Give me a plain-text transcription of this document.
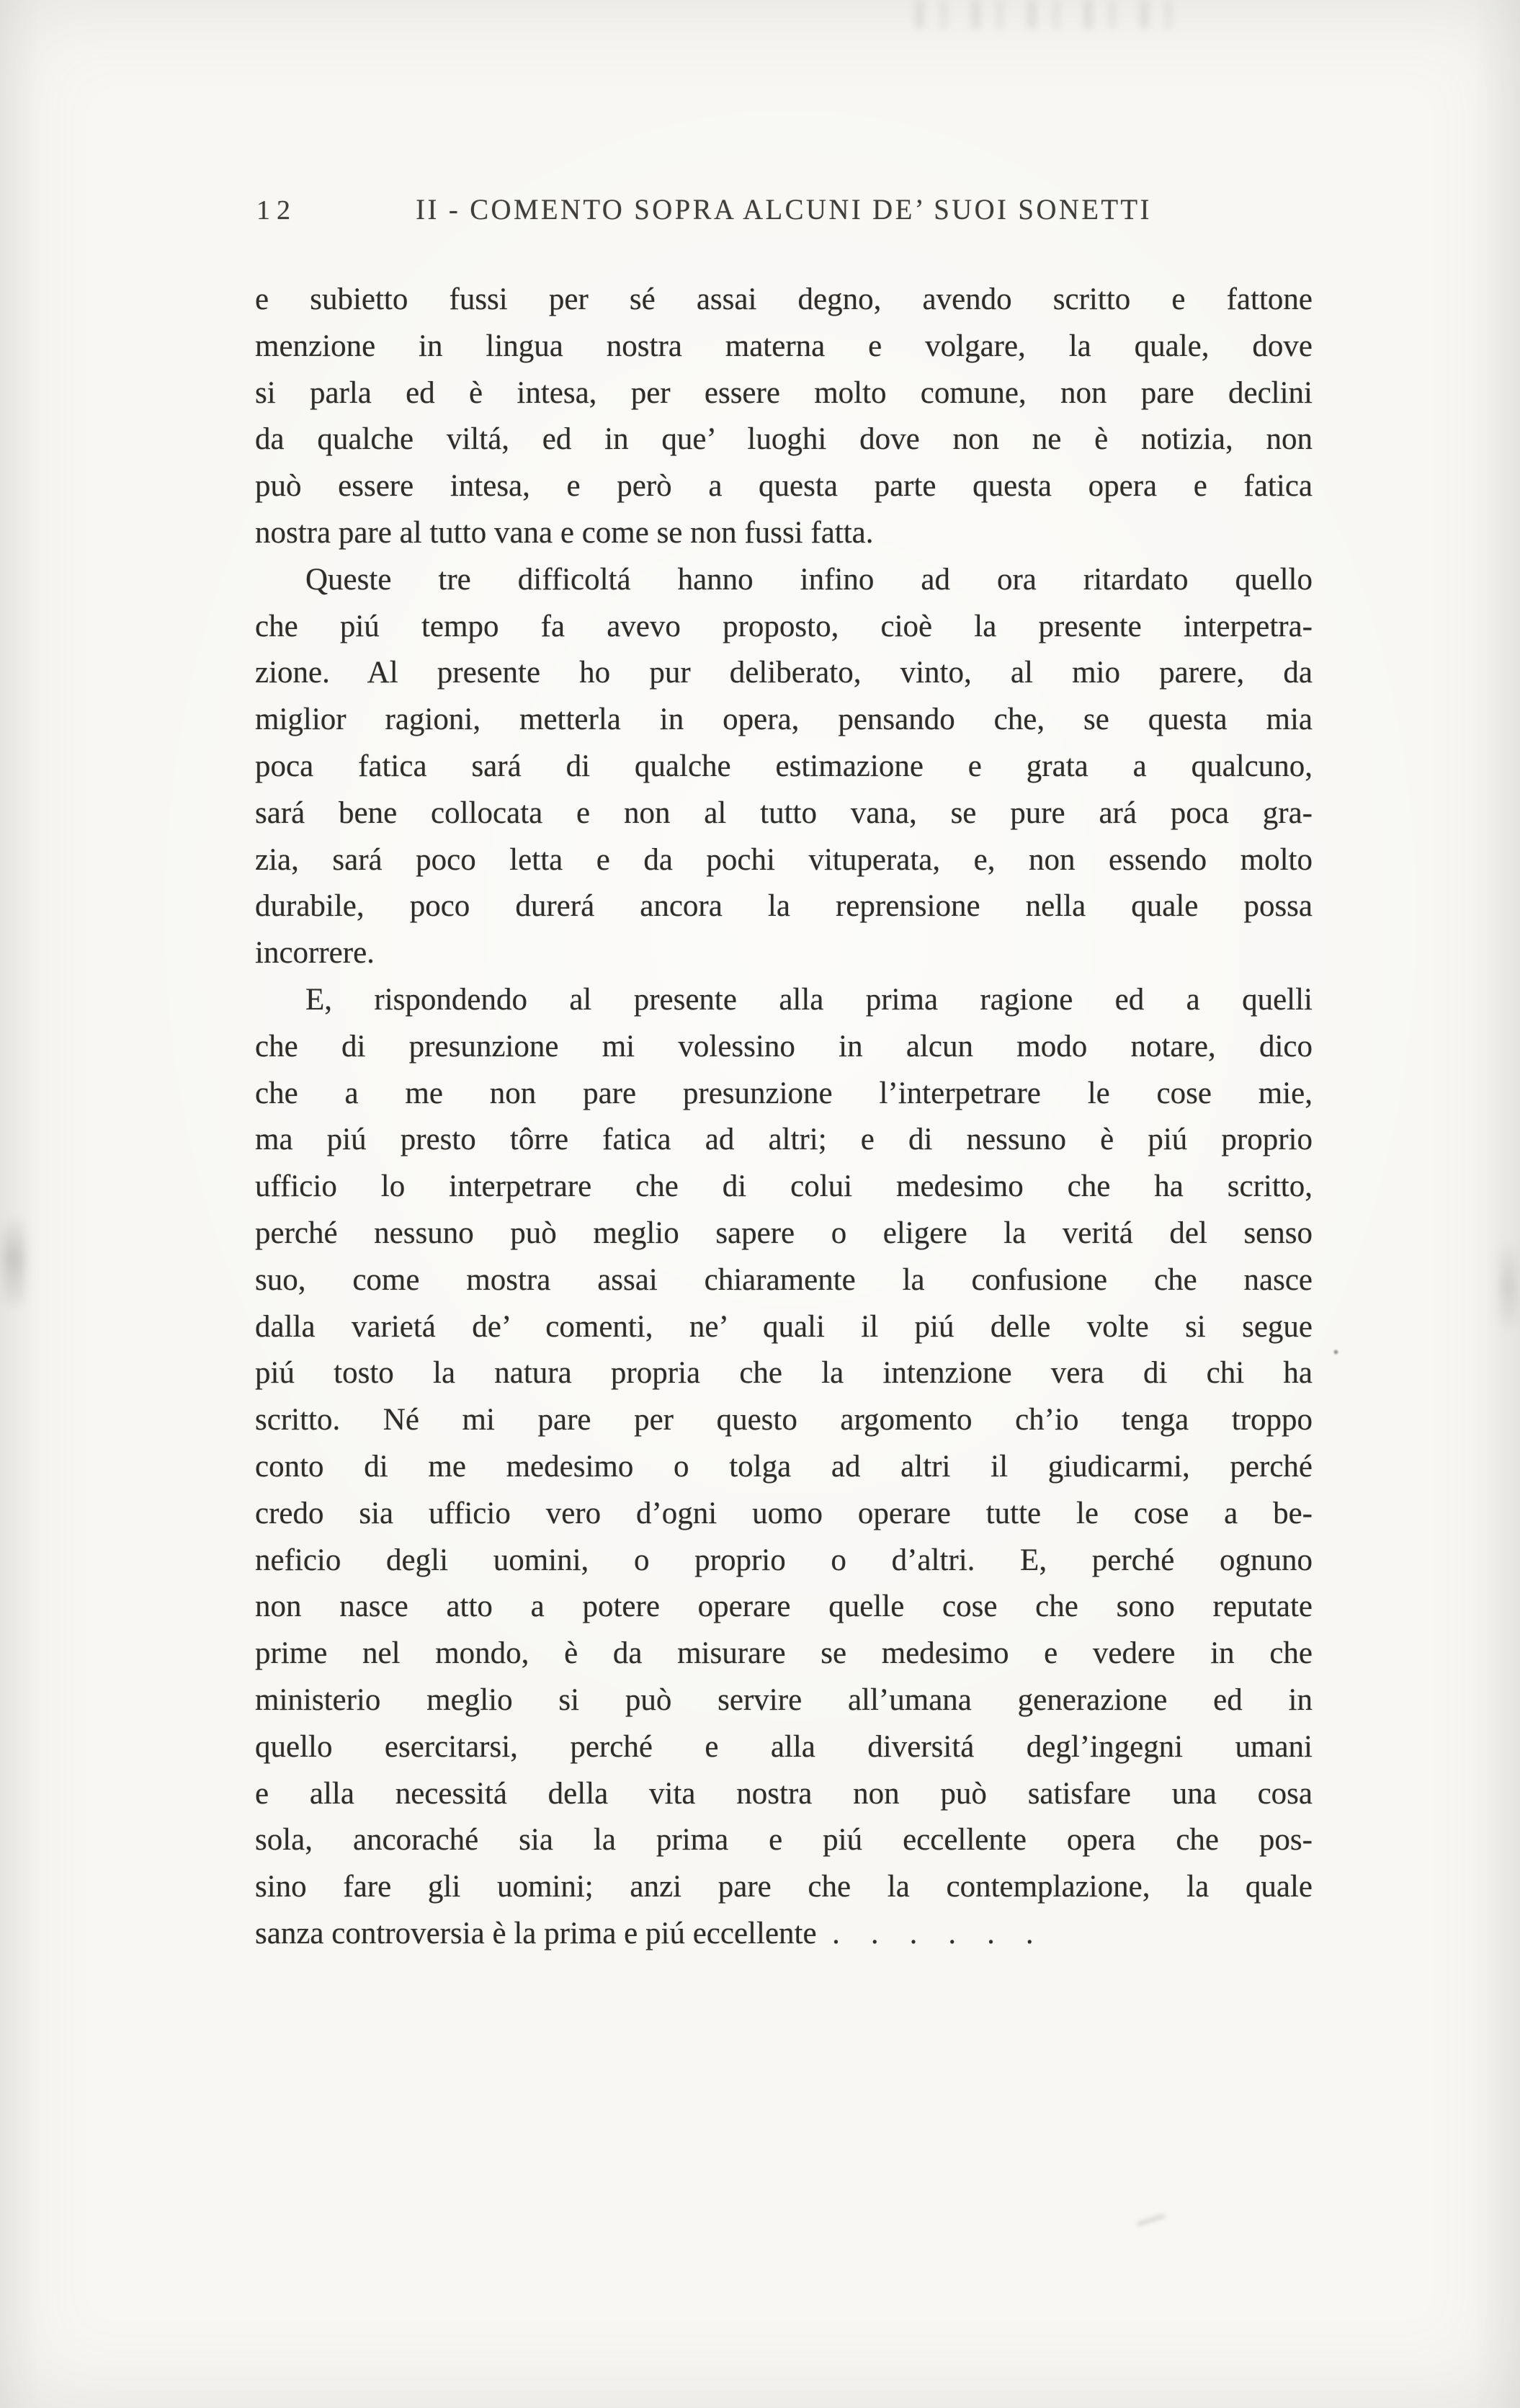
12	II - COMENTO SOPRA ALCUNI DE’ SUOI SONETTI
e subietto fussi per sé assai degno, avendo scritto e fattone
menzione in lingua nostra materna e volgare, la quale, dove
si parla ed è intesa, per essere molto comune, non pare declini
da qualche viltá, ed in que’ luoghi dove non ne è notizia, non
può essere intesa, e però a questa parte questa opera e fatica
nostra pare al tutto vana e come se non fussi fatta.
Queste tre difficoltá hanno infino ad ora ritardato quello
che piú tempo fa avevo proposto, cioè la presente interpetra-
zione. Al presente ho pur deliberato, vinto, al mio parere, da
miglior ragioni, metterla in opera, pensando che, se questa mia
poca fatica sará di qualche estimazione e grata a qualcuno,
sará bene collocata e non al tutto vana, se pure ará poca gra-
zia, sará poco letta e da pochi vituperata, e, non essendo molto
durabile, poco durerá ancora la reprensione nella quale possa
incorrere.
E, rispondendo al presente alla prima ragione ed a quelli
che di presunzione mi volessino in alcun modo notare, dico
che a me non pare presunzione l’interpetrare le cose mie,
ma piú presto tôrre fatica ad altri; e di nessuno è piú proprio
ufficio lo interpetrare che di colui medesimo che ha scritto,
perché nessuno può meglio sapere o eligere la veritá del senso
suo, come mostra assai chiaramente la confusione che nasce
dalla varietá de’ comenti, ne’ quali il piú delle volte si segue
piú tosto la natura propria che la intenzione vera di chi ha
scritto. Né mi pare per questo argomento ch’io tenga troppo
conto di me medesimo o tolga ad altri il giudicarmi, perché
credo sia ufficio vero d’ogni uomo operare tutte le cose a be-
neficio degli uomini, o proprio o d’altri. E, perché ognuno
non nasce atto a potere operare quelle cose che sono reputate
prime nel mondo, è da misurare se medesimo e vedere in che
ministerio meglio si può servire all’umana generazione ed in
quello esercitarsi, perché e alla diversitá degl’ingegni umani
e alla necessitá della vita nostra non può satisfare una cosa
sola, ancoraché sia la prima e piú eccellente opera che pos-
sino fare gli uomini; anzi pare che la contemplazione, la quale
sanza controversia è la prima e piú eccellente . . . . . .
